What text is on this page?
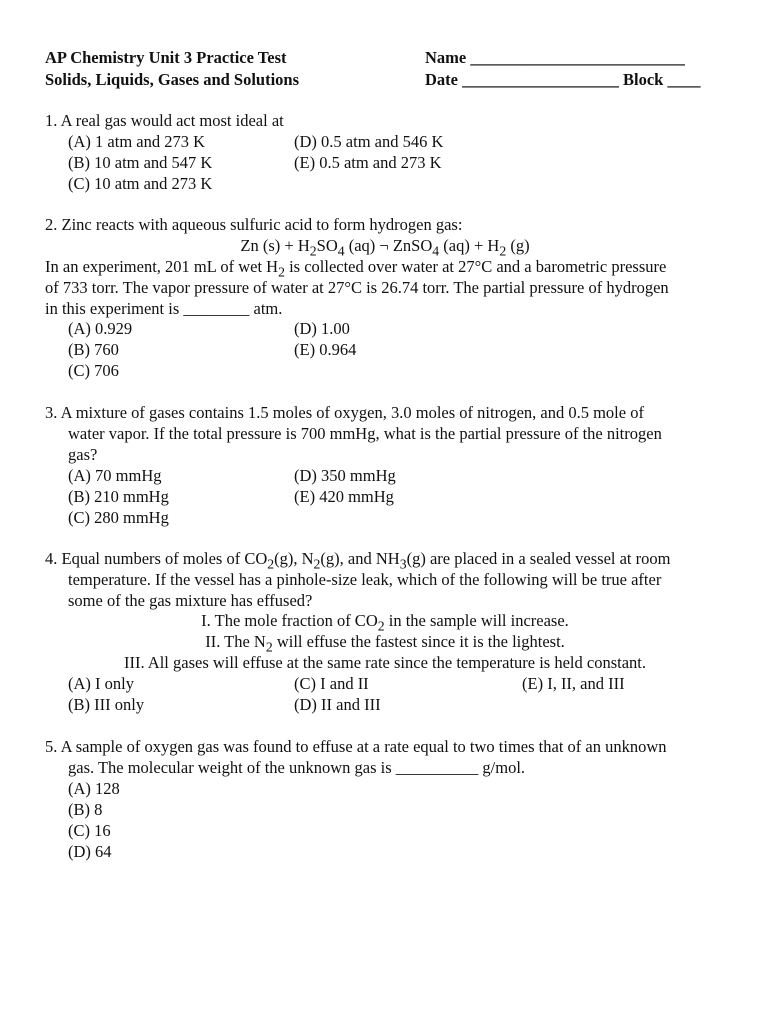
AP Chemistry Unit 3 Practice Test
Solids, Liquids, Gases and Solutions
Name __________________________
Date ___________________ Block ____
1. A real gas would act most ideal at
(A) 1 atm and 273 K
(B) 10 atm and 547 K
(C) 10 atm and 273 K
(D) 0.5 atm and 546 K
(E) 0.5 atm and 273 K
2. Zinc reacts with aqueous sulfuric acid to form hydrogen gas:
Zn $(s) + H_2SO_4$ (aq) ¬ ZnSO$_4$ $(aq) + H_2$ (g)
In an experiment, 201 mL of wet $H_2$ is collected over water at 27°C and a barometric pressure
of 733 torr. The vapor pressure of water at 27°C is 26.74 torr. The partial pressure of hydrogen
in this experiment is ________ atm.
(A) 0.929
(B) 760
(C) 706
(D) 1.00
(E) 0.964
3. A mixture of gases contains 1.5 moles of oxygen, 3.0 moles of nitrogen, and 0.5 mole of
water vapor. If the total pressure is 700 mmHg, what is the partial pressure of the nitrogen
gas?
(A) 70 mmHg
(B) 210 mmHg
(C) 280 mmHg
(D) 350 mmHg
(E) 420 mmHg
4. Equal numbers of moles of $CO_2(g)$, $N_2(g)$, and $NH_3(g)$ are placed in a sealed vessel at room
temperature. If the vessel has a pinhole-size leak, which of the following will be true after
some of the gas mixture has effused?
I. The mole fraction of $CO_2$ in the sample will increase.
II. The $N_2$ will effuse the fastest since it is the lightest.
III. All gases will effuse at the same rate since the temperature is held constant.
(A) I only
(B) III only
(C) I and II
(D) II and III
(E) I, II, and III
5. A sample of oxygen gas was found to effuse at a rate equal to two times that of an unknown
gas. The molecular weight of the unknown gas is __________ g/mol.
(A) 128
(B) 8
(C) 16
(D) 64
